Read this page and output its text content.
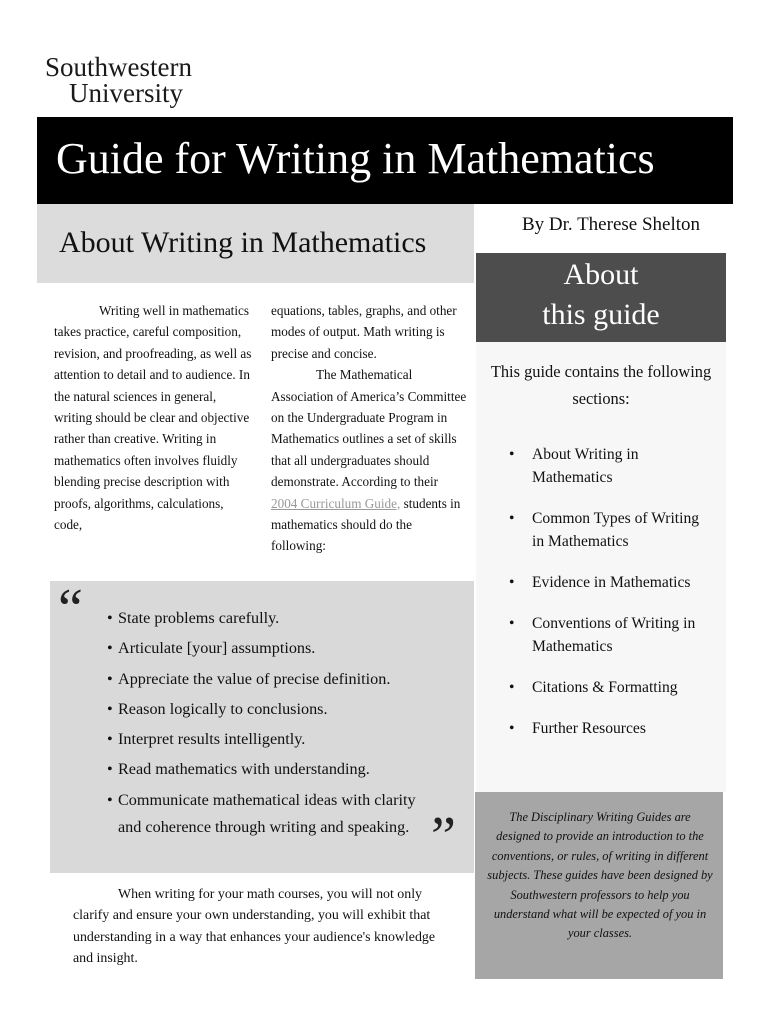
Southwestern
University
Guide for Writing in Mathematics
About Writing in Mathematics

Writing well in mathematics takes practice, careful composition, revision, and proofreading, as well as attention to detail and to audience. In the natural sciences in general, writing should be clear and objective rather than creative. Writing in mathematics often involves fluidly blending precise description with proofs, algorithms, calculations, code,

equations, tables, graphs, and other modes of output. Math writing is precise and concise.

The Mathematical Association of America’s Committee on the Undergraduate Program in Mathematics outlines a set of skills that all undergraduates should demonstrate. According to their 2004 Curriculum Guide, students in mathematics should do the following:

“
•	State problems carefully.
• Articulate [your] assumptions.
• Appreciate the value of precise definition.
• Reason logically to conclusions.
• Interpret results intelligently.
• Read mathematics with understanding.
• Communicate mathematical ideas with clarity and coherence through writing and speaking. ”

When writing for your math courses, you will not only clarify and ensure your own understanding, you will exhibit that understanding in a way that enhances your audience's knowledge and insight.

By Dr. Therese Shelton
About
this guide

This guide contains the following sections:

• About Writing in Mathematics
• Common Types of Writing in Mathematics
• Evidence in Mathematics
• Conventions of Writing in Mathematics
• Citations & Formatting
• Further Resources

The Disciplinary Writing Guides are designed to provide an introduction to the conventions, or rules, of writing in different subjects. These guides have been designed by Southwestern professors to help you understand what will be expected of you in your classes.
